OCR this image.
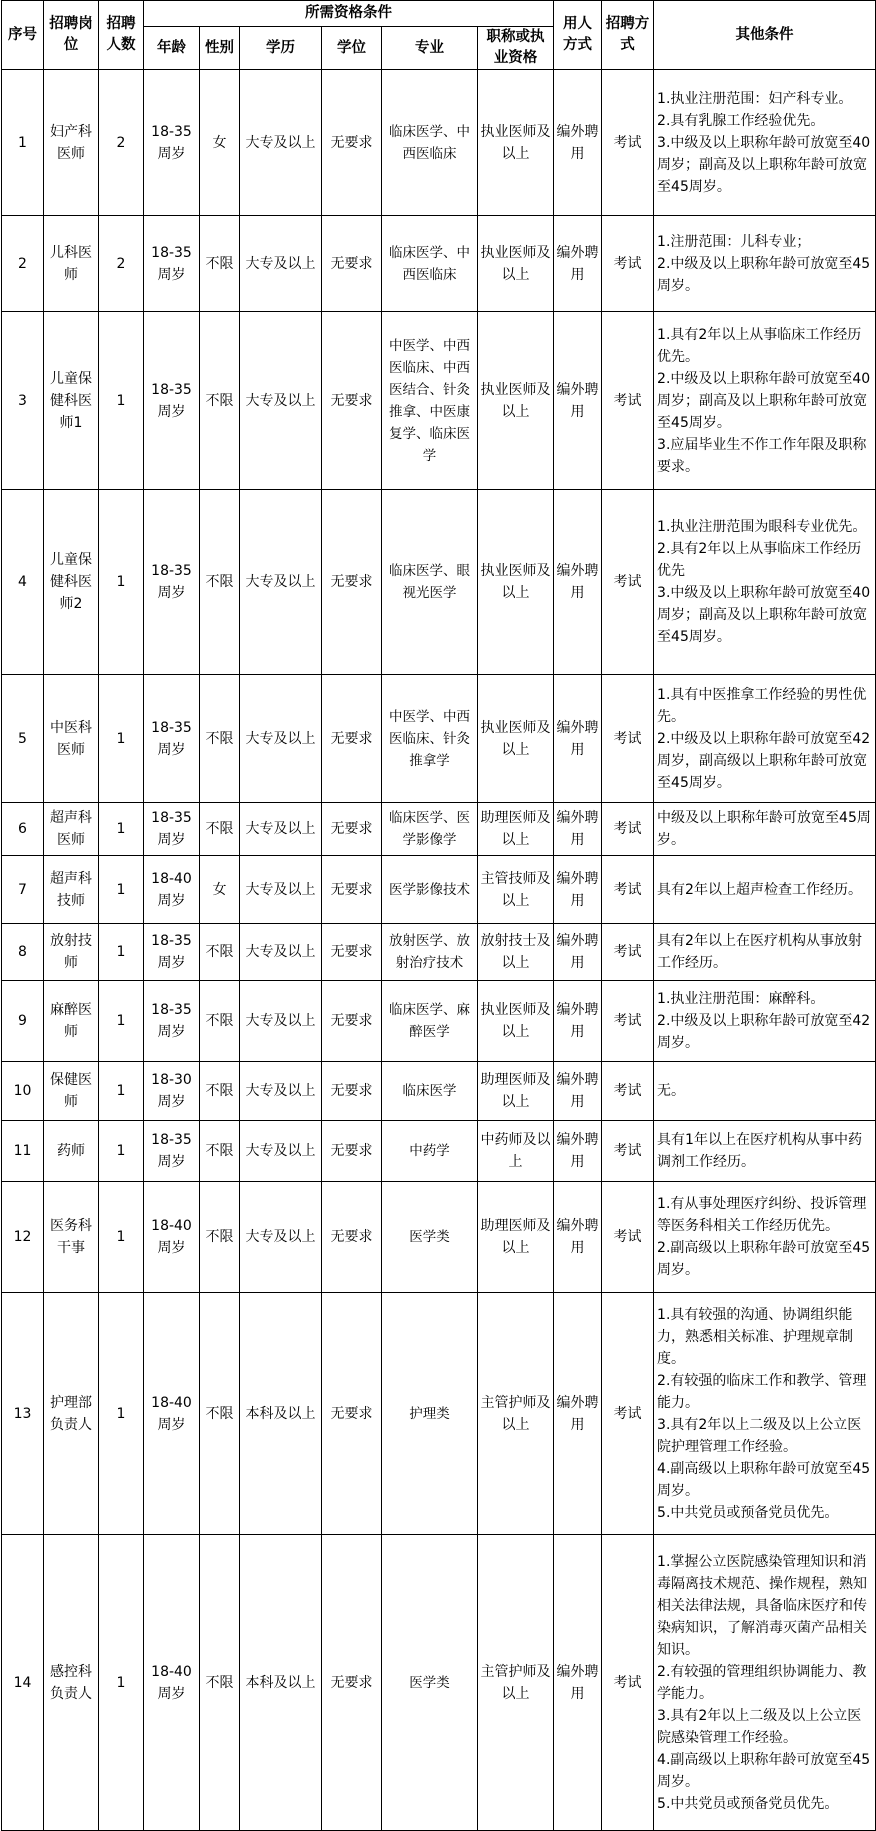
序号	招聘岗位	招聘人数	所需资格条件						用人方式	招聘方式	其他条件
			年龄	性别	学历	学位	专业	职称或执业资格			
1	妇产科医师	2	18-35周岁	女	大专及以上	无要求	临床医学、中西医临床	执业医师及以上	编外聘用	考试	1.执业注册范围：妇产科专业。
2.具有乳腺工作经验优先。
3.中级及以上职称年龄可放宽至40周岁；副高及以上职称年龄可放宽至45周岁。

2	儿科医师	2	18-35周岁	不限	大专及以上	无要求	临床医学、中西医临床	执业医师及以上	编外聘用	考试	1.注册范围：儿科专业；
2.中级及以上职称年龄可放宽至45周岁。

3	儿童保健科医师1	1	18-35周岁	不限	大专及以上	无要求	中医学、中西医临床、中西医结合、针灸推拿、中医康复学、临床医学	执业医师及以上	编外聘用	考试	1.具有2年以上从事临床工作经历优先。
2.中级及以上职称年龄可放宽至40周岁；副高及以上职称年龄可放宽至45周岁。
3.应届毕业生不作工作年限及职称要求。

4	儿童保健科医师2	1	18-35周岁	不限	大专及以上	无要求	临床医学、眼视光医学	执业医师及以上	编外聘用	考试	1.执业注册范围为眼科专业优先。
2.具有2年以上从事临床工作经历优先
3.中级及以上职称年龄可放宽至40周岁；副高及以上职称年龄可放宽至45周岁。

5	中医科医师	1	18-35周岁	不限	大专及以上	无要求	中医学、中西医临床、针灸推拿学	执业医师及以上	编外聘用	考试	1.具有中医推拿工作经验的男性优先。
2.中级及以上职称年龄可放宽至42周岁，副高级以上职称年龄可放宽至45周岁。

6	超声科医师	1	18-35周岁	不限	大专及以上	无要求	临床医学、医学影像学	助理医师及以上	编外聘用	考试	中级及以上职称年龄可放宽至45周岁。

7	超声科技师	1	18-40周岁	女	大专及以上	无要求	医学影像技术	主管技师及以上	编外聘用	考试	具有2年以上超声检查工作经历。

8	放射技师	1	18-35周岁	不限	大专及以上	无要求	放射医学、放射治疗技术	放射技士及以上	编外聘用	考试	具有2年以上在医疗机构从事放射工作经历。

9	麻醉医师	1	18-35周岁	不限	大专及以上	无要求	临床医学、麻醉医学	执业医师及以上	编外聘用	考试	1.执业注册范围：麻醉科。
2.中级及以上职称年龄可放宽至42周岁。

10	保健医师	1	18-30周岁	不限	大专及以上	无要求	临床医学	助理医师及以上	编外聘用	考试	无。

11	药师	1	18-35周岁	不限	大专及以上	无要求	中药学	中药师及以上	编外聘用	考试	具有1年以上在医疗机构从事中药调剂工作经历。

12	医务科干事	1	18-40周岁	不限	大专及以上	无要求	医学类	助理医师及以上	编外聘用	考试	1.有从事处理医疗纠纷、投诉管理等医务科相关工作经历优先。
2.副高级以上职称年龄可放宽至45周岁。

13	护理部负责人	1	18-40周岁	不限	本科及以上	无要求	护理类	主管护师及以上	编外聘用	考试	1.具有较强的沟通、协调组织能力，熟悉相关标准、护理规章制度。
2.有较强的临床工作和教学、管理能力。
3.具有2年以上二级及以上公立医院护理管理工作经验。
4.副高级以上职称年龄可放宽至45周岁。
5.中共党员或预备党员优先。

14	感控科负责人	1	18-40周岁	不限	本科及以上	无要求	医学类	主管护师及以上	编外聘用	考试	1.掌握公立医院感染管理知识和消毒隔离技术规范、操作规程，熟知相关法律法规，具备临床医疗和传染病知识，了解消毒灭菌产品相关知识。
2.有较强的管理组织协调能力、教学能力。
3.具有2年以上二级及以上公立医院感染管理工作经验。
4.副高级以上职称年龄可放宽至45周岁。
5.中共党员或预备党员优先。
